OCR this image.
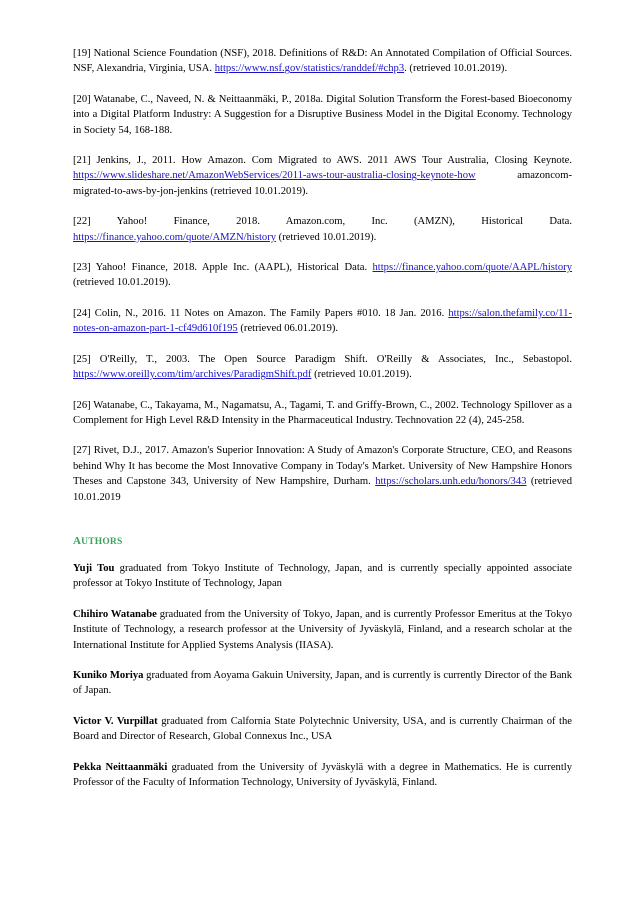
[19] National Science Foundation (NSF), 2018. Definitions of R&D: An Annotated Compilation of Official Sources. NSF, Alexandria, Virginia, USA. https://www.nsf.gov/statistics/randdef/#chp3. (retrieved 10.01.2019).

[20] Watanabe, C., Naveed, N. & Neittaanmäki, P., 2018a. Digital Solution Transform the Forest-based Bioeconomy into a Digital Platform Industry: A Suggestion for a Disruptive Business Model in the Digital Economy. Technology in Society 54, 168-188.

[21] Jenkins, J., 2011. How Amazon. Com Migrated to AWS. 2011 AWS Tour Australia, Closing Keynote. https://www.slideshare.net/AmazonWebServices/2011-aws-tour-australia-closing-keynote-how amazoncom-migrated-to-aws-by-jon-jenkins (retrieved 10.01.2019).

[22] Yahoo! Finance, 2018. Amazon.com, Inc. (AMZN), Historical Data. https://finance.yahoo.com/quote/AMZN/history (retrieved 10.01.2019).

[23] Yahoo! Finance, 2018. Apple Inc. (AAPL), Historical Data. https://finance.yahoo.com/quote/AAPL/history (retrieved 10.01.2019).

[24] Colin, N., 2016. 11 Notes on Amazon. The Family Papers #010. 18 Jan. 2016. https://salon.thefamily.co/11-notes-on-amazon-part-1-cf49d610f195 (retrieved 06.01.2019).

[25] O'Reilly, T., 2003. The Open Source Paradigm Shift. O'Reilly & Associates, Inc., Sebastopol. https://www.oreilly.com/tim/archives/ParadigmShift.pdf (retrieved 10.01.2019).

[26] Watanabe, C., Takayama, M., Nagamatsu, A., Tagami, T. and Griffy-Brown, C., 2002. Technology Spillover as a Complement for High Level R&D Intensity in the Pharmaceutical Industry. Technovation 22 (4), 245-258.

[27] Rivet, D.J., 2017. Amazon's Superior Innovation: A Study of Amazon's Corporate Structure, CEO, and Reasons behind Why It has become the Most Innovative Company in Today's Market. University of New Hampshire Honors Theses and Capstone 343, University of New Hampshire, Durham. https://scholars.unh.edu/honors/343 (retrieved 10.01.2019

AUTHORS

Yuji Tou graduated from Tokyo Institute of Technology, Japan, and is currently specially appointed associate professor at Tokyo Institute of Technology, Japan

Chihiro Watanabe graduated from the University of Tokyo, Japan, and is currently Professor Emeritus at the Tokyo Institute of Technology, a research professor at the University of Jyväskylä, Finland, and a research scholar at the International Institute for Applied Systems Analysis (IIASA).

Kuniko Moriya graduated from Aoyama Gakuin University, Japan, and is currently is currently Director of the Bank of Japan.

Victor V. Vurpillat graduated from Calfornia State Polytechnic University, USA, and is currently Chairman of the Board and Director of Research, Global Connexus Inc., USA

Pekka Neittaanmäki graduated from the University of Jyväskylä with a degree in Mathematics. He is currently Professor of the Faculty of Information Technology, University of Jyväskylä, Finland.
